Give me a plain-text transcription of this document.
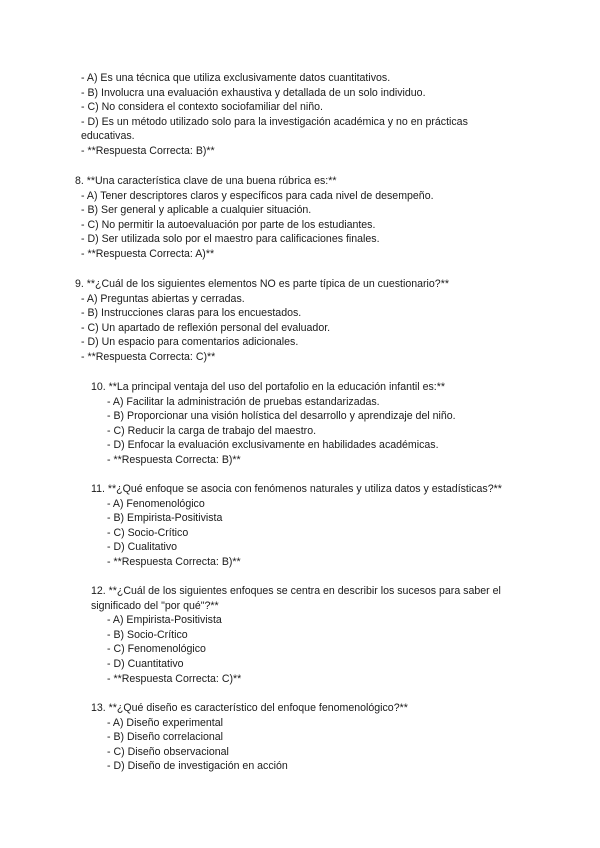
- A) Es una técnica que utiliza exclusivamente datos cuantitativos.
- B) Involucra una evaluación exhaustiva y detallada de un solo individuo.
- C) No considera el contexto sociofamiliar del niño.
- D) Es un método utilizado solo para la investigación académica y no en prácticas educativas.
- **Respuesta Correcta: B)**
8. **Una característica clave de una buena rúbrica es:**
- A) Tener descriptores claros y específicos para cada nivel de desempeño.
- B) Ser general y aplicable a cualquier situación.
- C) No permitir la autoevaluación por parte de los estudiantes.
- D) Ser utilizada solo por el maestro para calificaciones finales.
- **Respuesta Correcta: A)**
9. **¿Cuál de los siguientes elementos NO es parte típica de un cuestionario?**
- A) Preguntas abiertas y cerradas.
- B) Instrucciones claras para los encuestados.
- C) Un apartado de reflexión personal del evaluador.
- D) Un espacio para comentarios adicionales.
- **Respuesta Correcta: C)**
10. **La principal ventaja del uso del portafolio en la educación infantil es:**
- A) Facilitar la administración de pruebas estandarizadas.
- B) Proporcionar una visión holística del desarrollo y aprendizaje del niño.
- C) Reducir la carga de trabajo del maestro.
- D) Enfocar la evaluación exclusivamente en habilidades académicas.
- **Respuesta Correcta: B)**
11. **¿Qué enfoque se asocia con fenómenos naturales y utiliza datos y estadísticas?**
- A) Fenomenológico
- B) Empirista-Positivista
- C) Socio-Crítico
- D) Cualitativo
- **Respuesta Correcta: B)**
12. **¿Cuál de los siguientes enfoques se centra en describir los sucesos para saber el significado del "por qué"?**
- A) Empirista-Positivista
- B) Socio-Crítico
- C) Fenomenológico
- D) Cuantitativo
- **Respuesta Correcta: C)**
13. **¿Qué diseño es característico del enfoque fenomenológico?**
- A) Diseño experimental
- B) Diseño correlacional
- C) Diseño observacional
- D) Diseño de investigación en acción
